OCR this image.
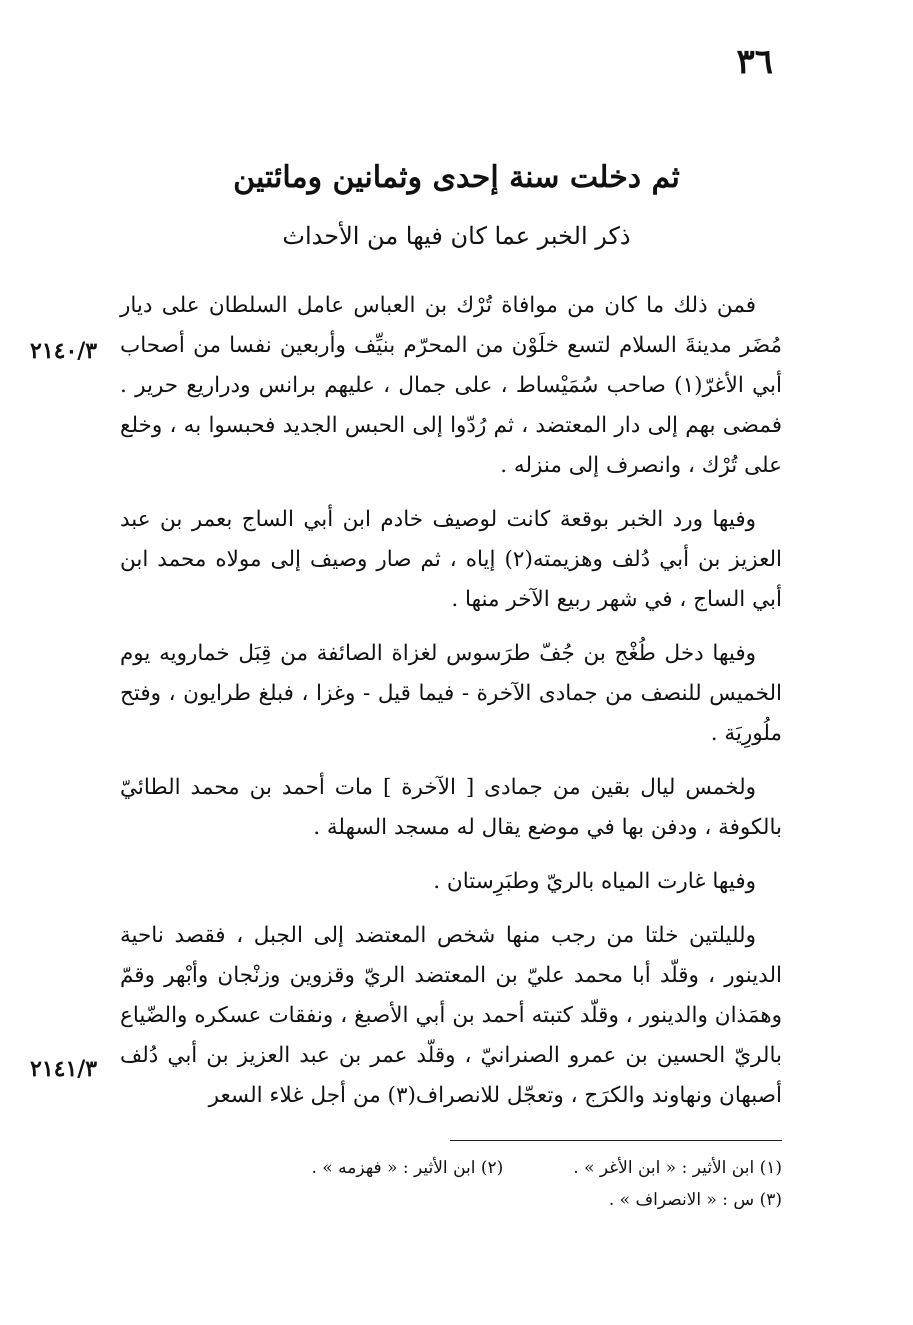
٣٦
ثم دخلت سنة إحدى وثمانين ومائتين
ذكر الخبر عما كان فيها من الأحداث
٢١٤٠/٣
٢١٤١/٣

فمن ذلك ما كان من موافاة تُرْك بن العباس عامل السلطان على ديار مُضَر مدينةَ السلام لتسع خلَوْن من المحرّم بنيِّف وأربعين نفسا من أصحاب أبي الأغرّ(١) صاحب سُمَيْساط ، على جمال ، عليهم برانس ودراريع حرير . فمضى بهم إلى دار المعتضد ، ثم رُدّوا إلى الحبس الجديد فحبسوا به ، وخلع على تُرْك ، وانصرف إلى منزله .

وفيها ورد الخبر بوقعة كانت لوصيف خادم ابن أبي الساج بعمر بن عبد العزيز بن أبي دُلف وهزيمته(٢) إياه ، ثم صار وصيف إلى مولاه محمد ابن أبي الساج ، في شهر ربيع الآخر منها .

وفيها دخل طُغْج بن جُفّ طرَسوس لغزاة الصائفة من قِبَل خمارويه يوم الخميس للنصف من جمادى الآخرة - فيما قيل - وغزا ، فبلغ طرايون ، وفتح ملُورِيَة .

ولخمس ليال بقين من جمادى [ الآخرة ] مات أحمد بن محمد الطائيّ بالكوفة ، ودفن بها في موضع يقال له مسجد السهلة .

وفيها غارت المياه بالريّ وطبَرِستان .

ولليلتين خلتا من رجب منها شخص المعتضد إلى الجبل ، فقصد ناحية الدينور ، وقلّد أبا محمد عليّ بن المعتضد الريّ وقزوين وزنْجان وأبْهر وقمّ وهمَذان والدينور ، وقلّد كتبته أحمد بن أبي الأصبغ ، ونفقات عسكره والضّياع بالريّ الحسين بن عمرو الصنرانيّ ، وقلّد عمر بن عبد العزيز بن أبي دُلف أصبهان ونهاوند والكرَج ، وتعجّل للانصراف(٣) من أجل غلاء السعر

(١) ابن الأثير : « ابن الأغر » .
(٢) ابن الأثير : « فهزمه » .
(٣) س : « الانصراف » .
